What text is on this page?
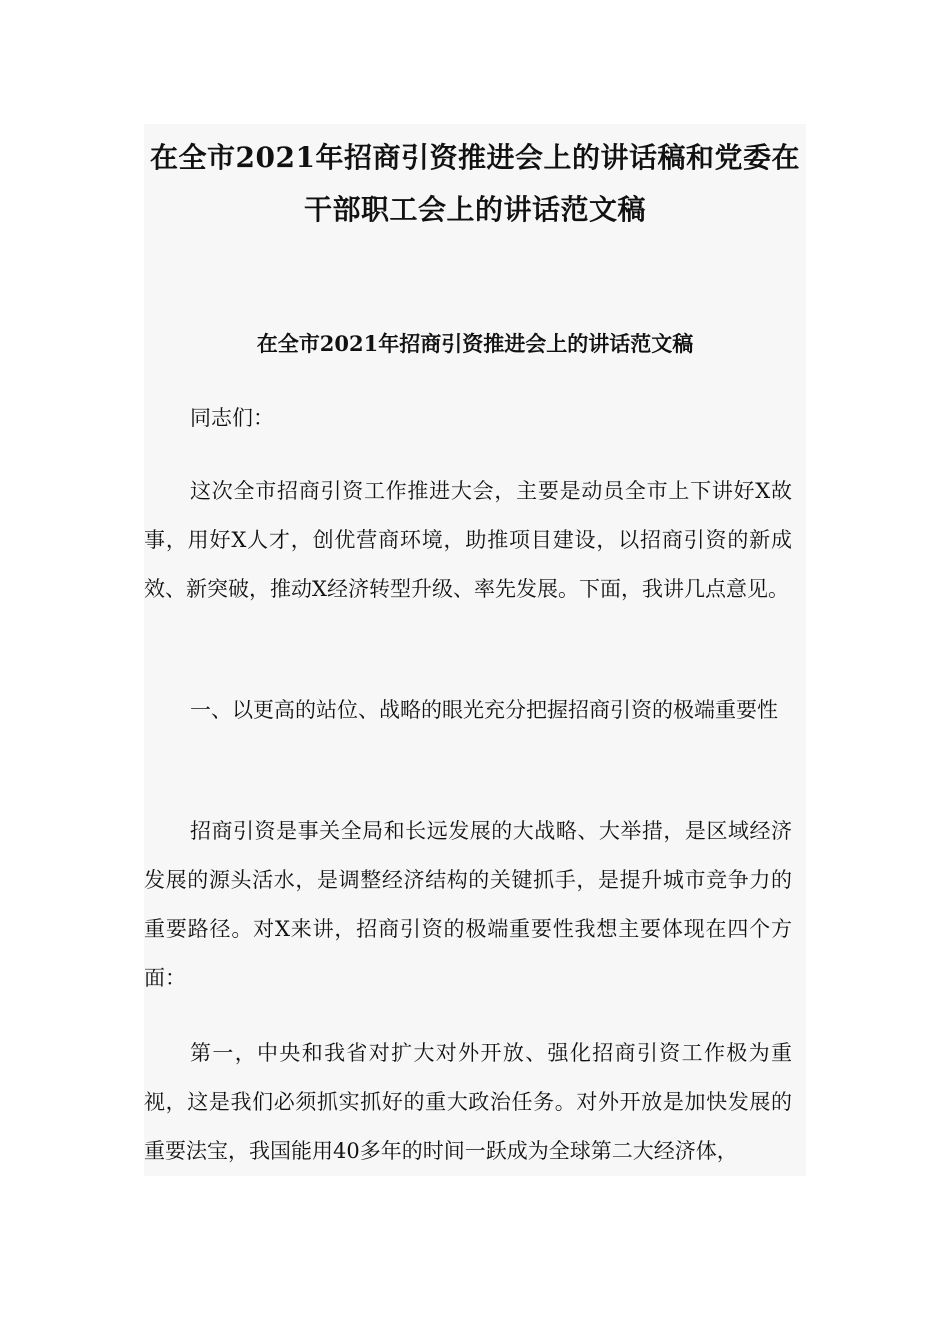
在全市2021年招商引资推进会上的讲话稿和党委在干部职工会上的讲话范文稿
在全市2021年招商引资推进会上的讲话范文稿

同志们：

这次全市招商引资工作推进大会，主要是动员全市上下讲好X故事，用好X人才，创优营商环境，助推项目建设，以招商引资的新成效、新突破，推动X经济转型升级、率先发展。下面，我讲几点意见。

一、以更高的站位、战略的眼光充分把握招商引资的极端重要性

招商引资是事关全局和长远发展的大战略、大举措，是区域经济发展的源头活水，是调整经济结构的关键抓手，是提升城市竞争力的重要路径。对X来讲，招商引资的极端重要性我想主要体现在四个方面：

第一，中央和我省对扩大对外开放、强化招商引资工作极为重视，这是我们必须抓实抓好的重大政治任务。对外开放是加快发展的重要法宝，我国能用40多年的时间一跃成为全球第二大经济体，
